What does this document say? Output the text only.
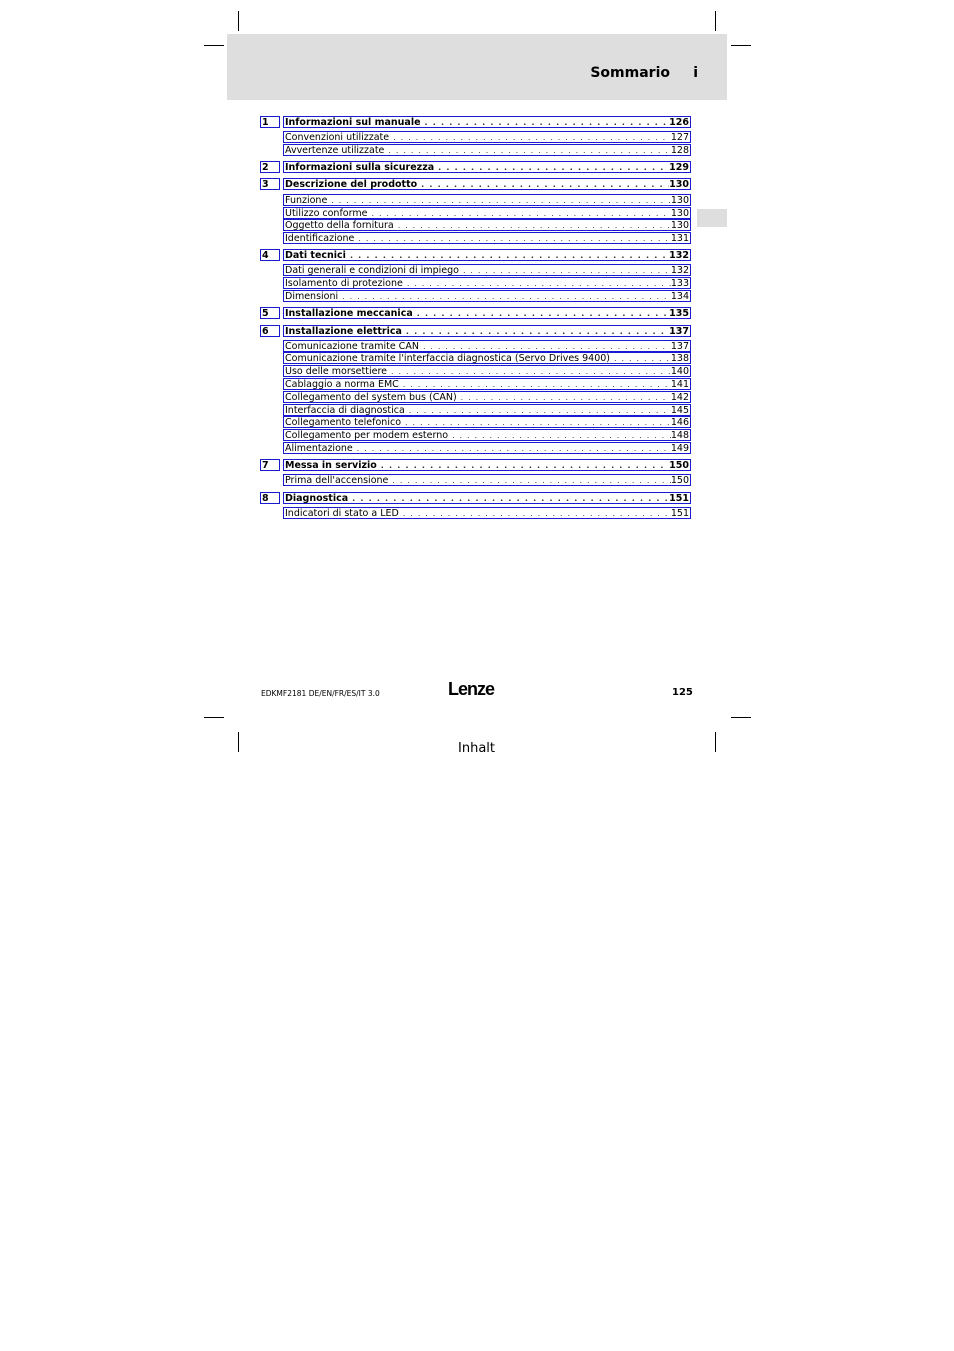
Sommario i
1	Informazioni sul manuale . . .	126
Convenzioni utilizzate . . .	127
Avvertenze utilizzate . . .	128
2	Informazioni sulla sicurezza . . .	129
3	Descrizione del prodotto . . .	130
Funzione . . .	130
Utilizzo conforme . . .	130
Oggetto della fornitura . . .	130
Identificazione . . .	131
4	Dati tecnici . . .	132
Dati generali e condizioni di impiego . . .	132
Isolamento di protezione . . .	133
Dimensioni . . .	134
5	Installazione meccanica . . .	135
6	Installazione elettrica . . .	137
Comunicazione tramite CAN . . .	137
Comunicazione tramite l'interfaccia diagnostica (Servo Drives 9400) . . .	138
Uso delle morsettiere . . .	140
Cablaggio a norma EMC . . .	141
Collegamento del system bus (CAN) . . .	142
Interfaccia di diagnostica . . .	145
Collegamento telefonico . . .	146
Collegamento per modem esterno . . .	148
Alimentazione . . .	149
7	Messa in servizio . . .	150
Prima dell'accensione . . .	150
8	Diagnostica . . .	151
Indicatori di stato a LED . . .	151
EDKMF2181 DE/EN/FR/ES/IT 3.0	Lenze	125
Inhalt
